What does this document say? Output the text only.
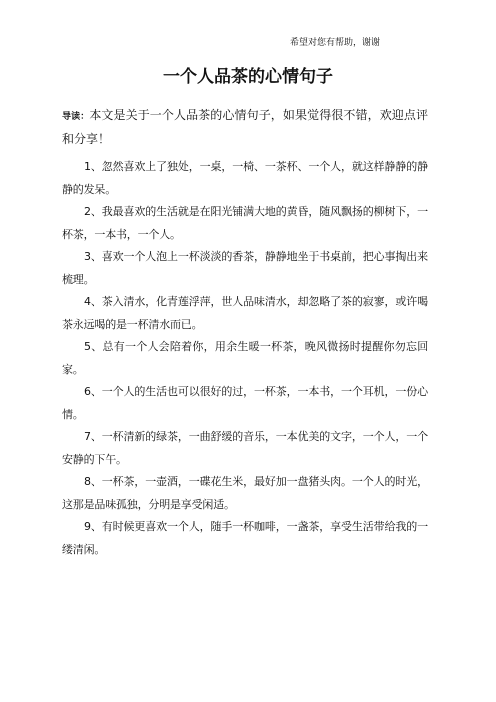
希望对您有帮助，谢谢
一个人品茶的心情句子

导读：本文是关于一个人品茶的心情句子，如果觉得很不错，欢迎点评和分享！

1、忽然喜欢上了独处，一桌，一椅、一茶杯、一个人，就这样静静的静静的发呆。

2、我最喜欢的生活就是在阳光铺满大地的黄昏，随风飘扬的柳树下，一杯茶，一本书，一个人。

3、喜欢一个人泡上一杯淡淡的香茶，静静地坐于书桌前，把心事掏出来梳理。

4、茶入清水，化青莲浮萍，世人品味清水，却忽略了茶的寂寥，或许喝茶永远喝的是一杯清水而已。

5、总有一个人会陪着你，用余生暖一杯茶，晚风微扬时提醒你勿忘回家。

6、一个人的生活也可以很好的过，一杯茶，一本书，一个耳机，一份心情。

7、一杯清新的绿茶，一曲舒缓的音乐，一本优美的文字，一个人，一个安静的下午。

8、一杯茶，一壶酒，一碟花生米，最好加一盘猪头肉。一个人的时光，这那是品味孤独，分明是享受闲适。

9、有时候更喜欢一个人，随手一杯咖啡，一盏茶，享受生活带给我的一缕清闲。
